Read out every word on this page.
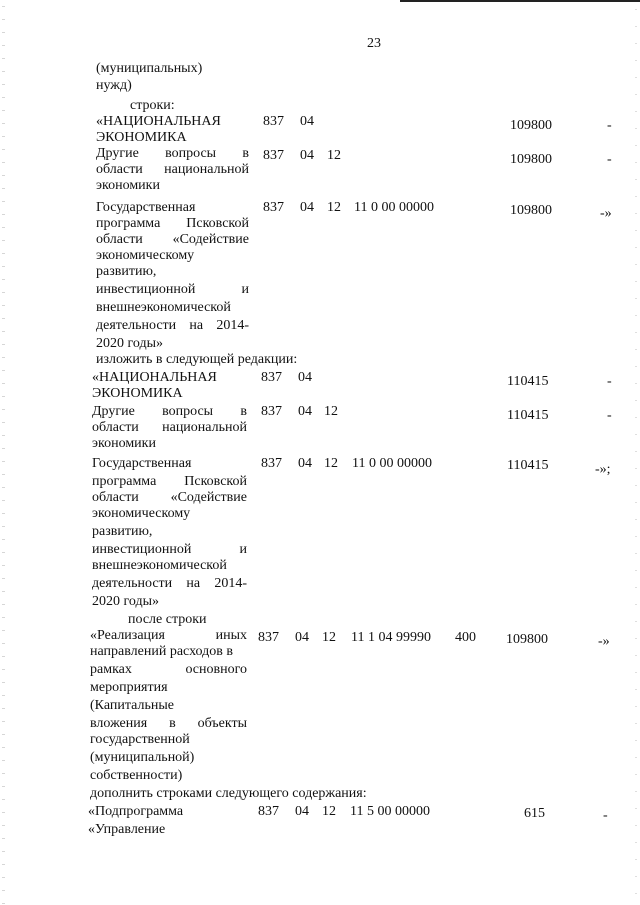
23
(муниципальных)
нужд)
строки:
«НАЦИОНАЛЬНАЯ
ЭКОНОМИКА
837 04	109800	-
Другие вопросы в
области национальной
экономики
837 04 12	109800	-
Государственная
программа Псковской
области «Содействие
экономическому
развитию,
инвестиционной и
внешнеэкономической
деятельности на 2014-
2020 годы»
837 04 12 11 0 00 00000	109800	-»
изложить в следующей редакции:
«НАЦИОНАЛЬНАЯ
ЭКОНОМИКА
837 04	110415	-
Другие вопросы в
области национальной
экономики
837 04 12	110415	-
Государственная
программа Псковской
области «Содействие
экономическому
развитию,
инвестиционной и
внешнеэкономической
деятельности на 2014-
2020 годы»
837 04 12 11 0 00 00000	110415	-»;
после строки
«Реализация иных
направлений расходов в
рамках основного
мероприятия
(Капитальные
вложения в объекты
государственной
(муниципальной)
собственности)
837 04 12 11 1 04 99990 400 109800	-»
дополнить строками следующего содержания:
«Подпрограмма
«Управление
837 04 12 11 5 00 00000	615	-
